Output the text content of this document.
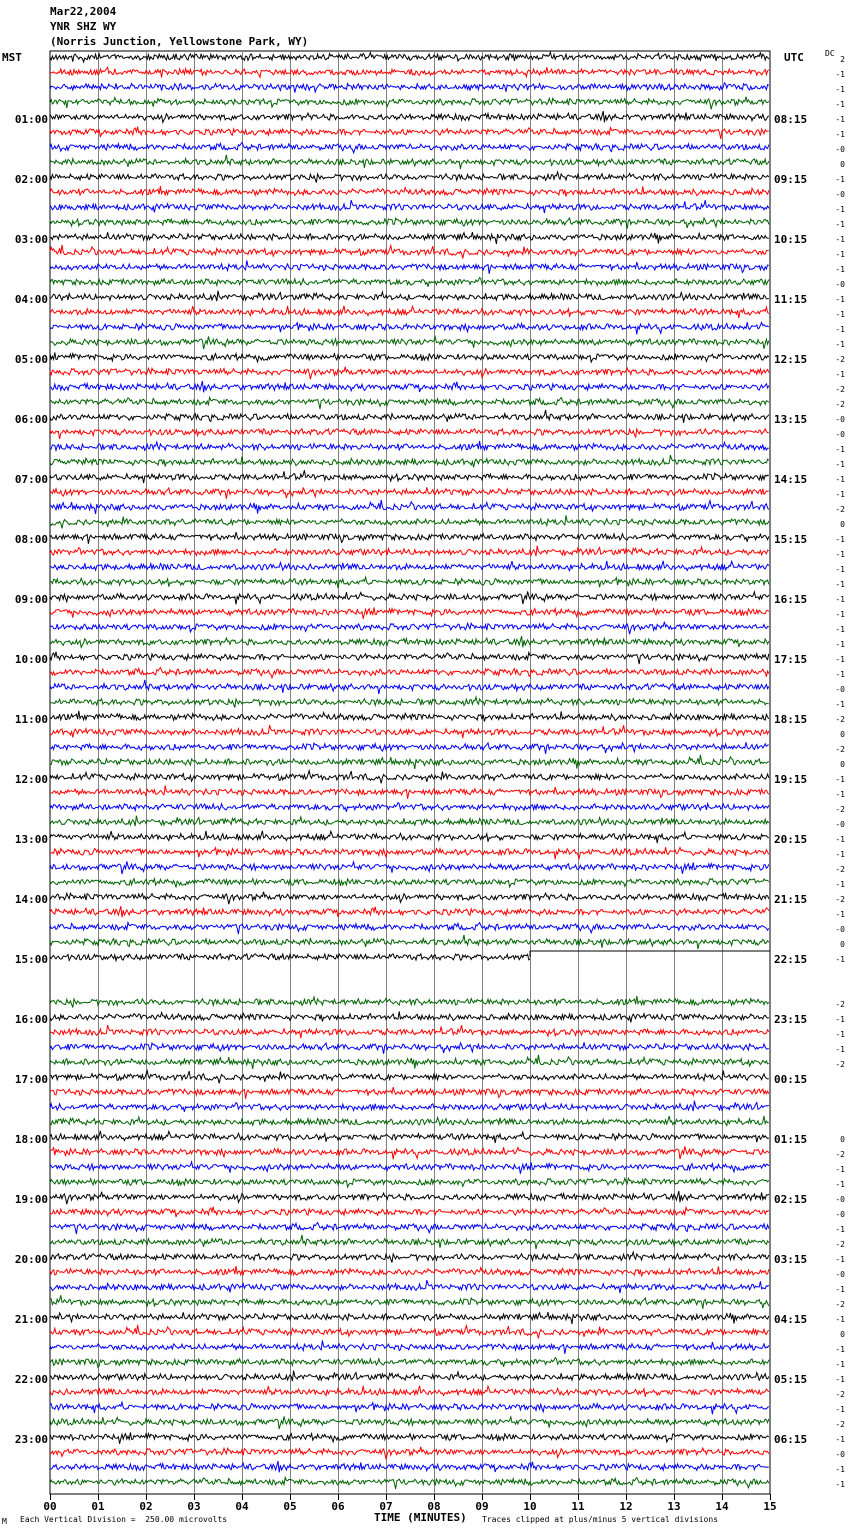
Mar22,2004
YNR SHZ WY
(Norris Junction, Yellowstone Park, WY)
00	01	02	03	04	05	06	07	08	09	10	11	12	13	14	15
2
-1
-1
-1
-1
-1
-0
0
-1
-0
-1
-1
-1
-1
-1
-0
-1
-1
-1
-1
-2
-1
-2
-2
-0
-0
-1
-1
-1
-1
-2
0
-1
-1
-1
-1
-1
-1
-1
-1
-1
-1
-0
-1
-2
0
-2
0
-1
-1
-2
-0
-1
-1
-2
-1
-2
-1
-0
0
-1
-2
-1
-1
-1
-2
0
-2
-1
-1
-0
-0
-1
-2
-1
-0
-1
-2
-1
0
-1
-1
-1
-2
-1
-2
-1
-0
-1
-1
MST	UTC	DC
01:00
02:00
03:00
04:00
05:00
06:00
07:00
08:00
09:00
10:00
11:00
12:00
13:00
14:00
15:00
16:00
17:00
18:00
19:00
20:00
21:00
22:00
23:00
08:15
09:15
10:15
11:15
12:15
13:15
14:15
15:15
16:15
17:15
18:15
19:15
20:15
21:15
22:15
23:15
00:15
01:15
02:15
03:15
04:15
05:15
06:15
M Each Vertical Division =  250.00 microvolts	TIME (MINUTES) Traces clipped at plus/minus 5 vertical divisions
